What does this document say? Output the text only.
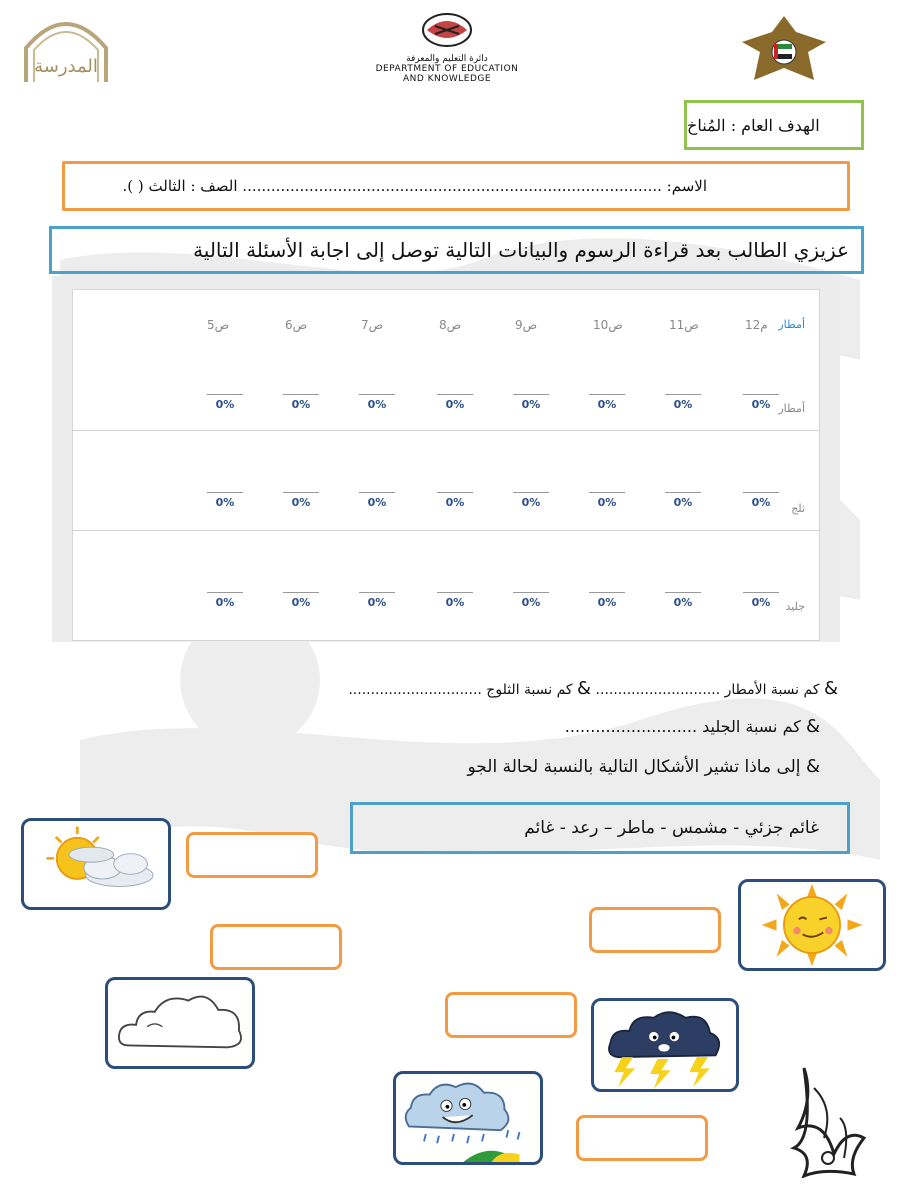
المدرسة	دائرة التعليم والمعرفة
DEPARTMENT OF EDUCATION
AND KNOWLEDGE
الهدف العام : المُناخ
الاسم: ........................................................................................ الصف : الثالث ( ).
عزيزي الطالب بعد قراءة الرسوم والبيانات التالية توصل إلى اجابة الأسئلة التالية
أمطار
م12
ص11
ص10
ص9
ص8
ص7
ص6
ص5
أمطار
0%
0%
0%
0%
0%
0%
0%
0%
ثلج
0%
0%
0%
0%
0%
0%
0%
0%
جليد
0%
0%
0%
0%
0%
0%
0%
0%
& كم نسبة الأمطار ............................ & كم نسبة الثلوج ..............................
& كم نسبة الجليد ..........................
& إلى ماذا تشير الأشكال التالية بالنسبة لحالة الجو
غائم جزئي - مشمس - ماطر – رعد - غائم
